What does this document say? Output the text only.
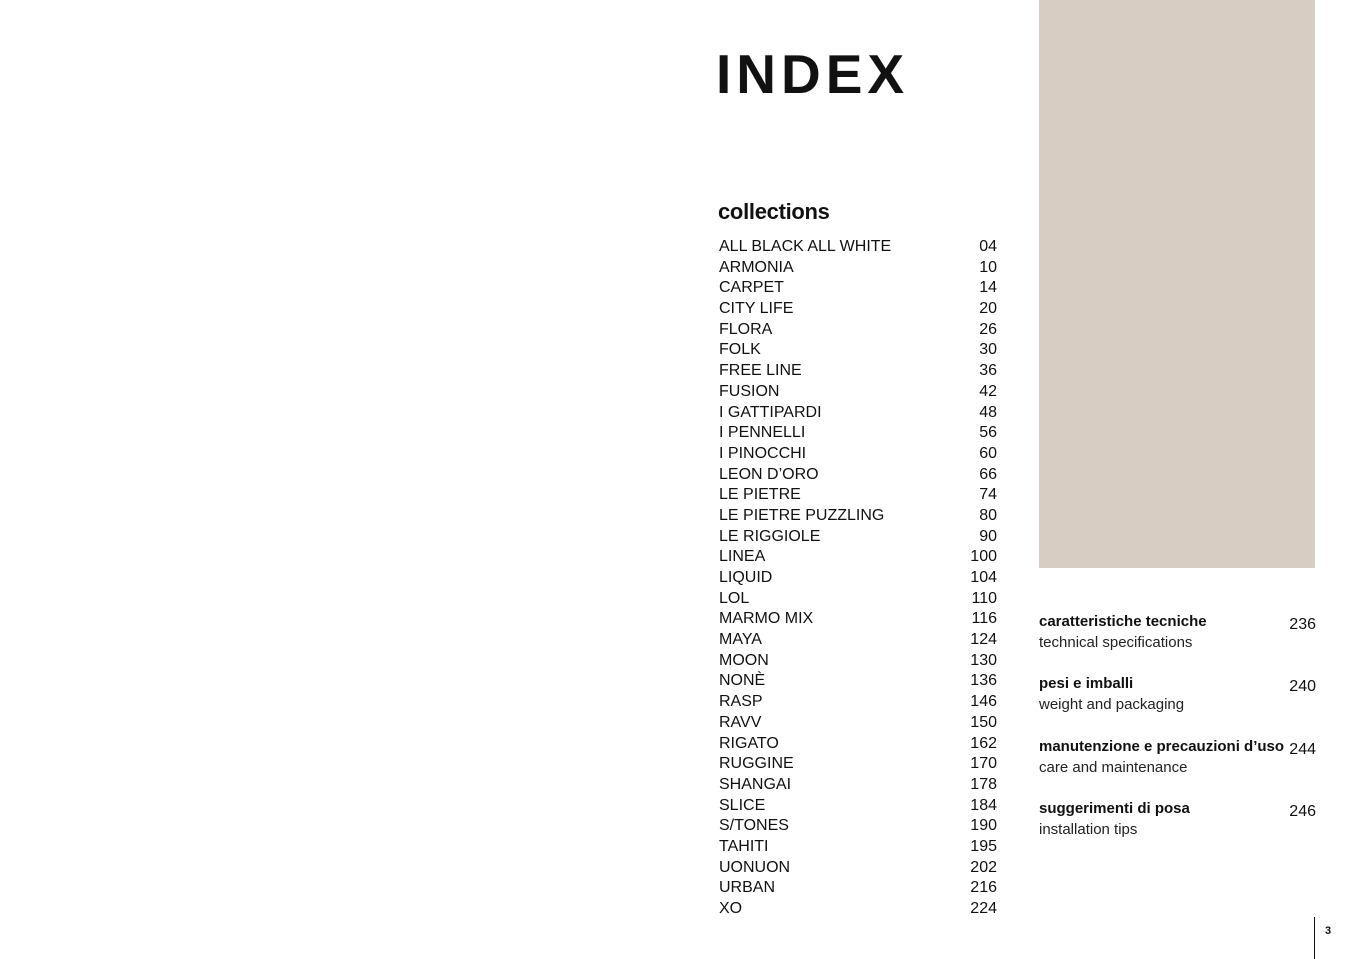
INDEX
collections
ALL BLACK ALL WHITE	04
ARMONIA	10
CARPET	14
CITY LIFE	20
FLORA	26
FOLK	30
FREE LINE	36
FUSION	42
I GATTIPARDI	48
I PENNELLI	56
I PINOCCHI	60
LEON D’ORO	66
LE PIETRE	74
LE PIETRE PUZZLING	80
LE RIGGIOLE	90
LINEA	100
LIQUID	104
LOL	110
MARMO MIX	116
MAYA	124
MOON	130
NONÈ	136
RASP	146
RAVV	150
RIGATO	162
RUGGINE	170
SHANGAI	178
SLICE	184
S/TONES	190
TAHITI	195
UONUON	202
URBAN	216
XO	224
caratteristiche tecniche
technical specifications
236
pesi e imballi
weight and packaging
240
manutenzione e precauzioni d’uso
care and maintenance
244
suggerimenti di posa
installation tips
246
3
